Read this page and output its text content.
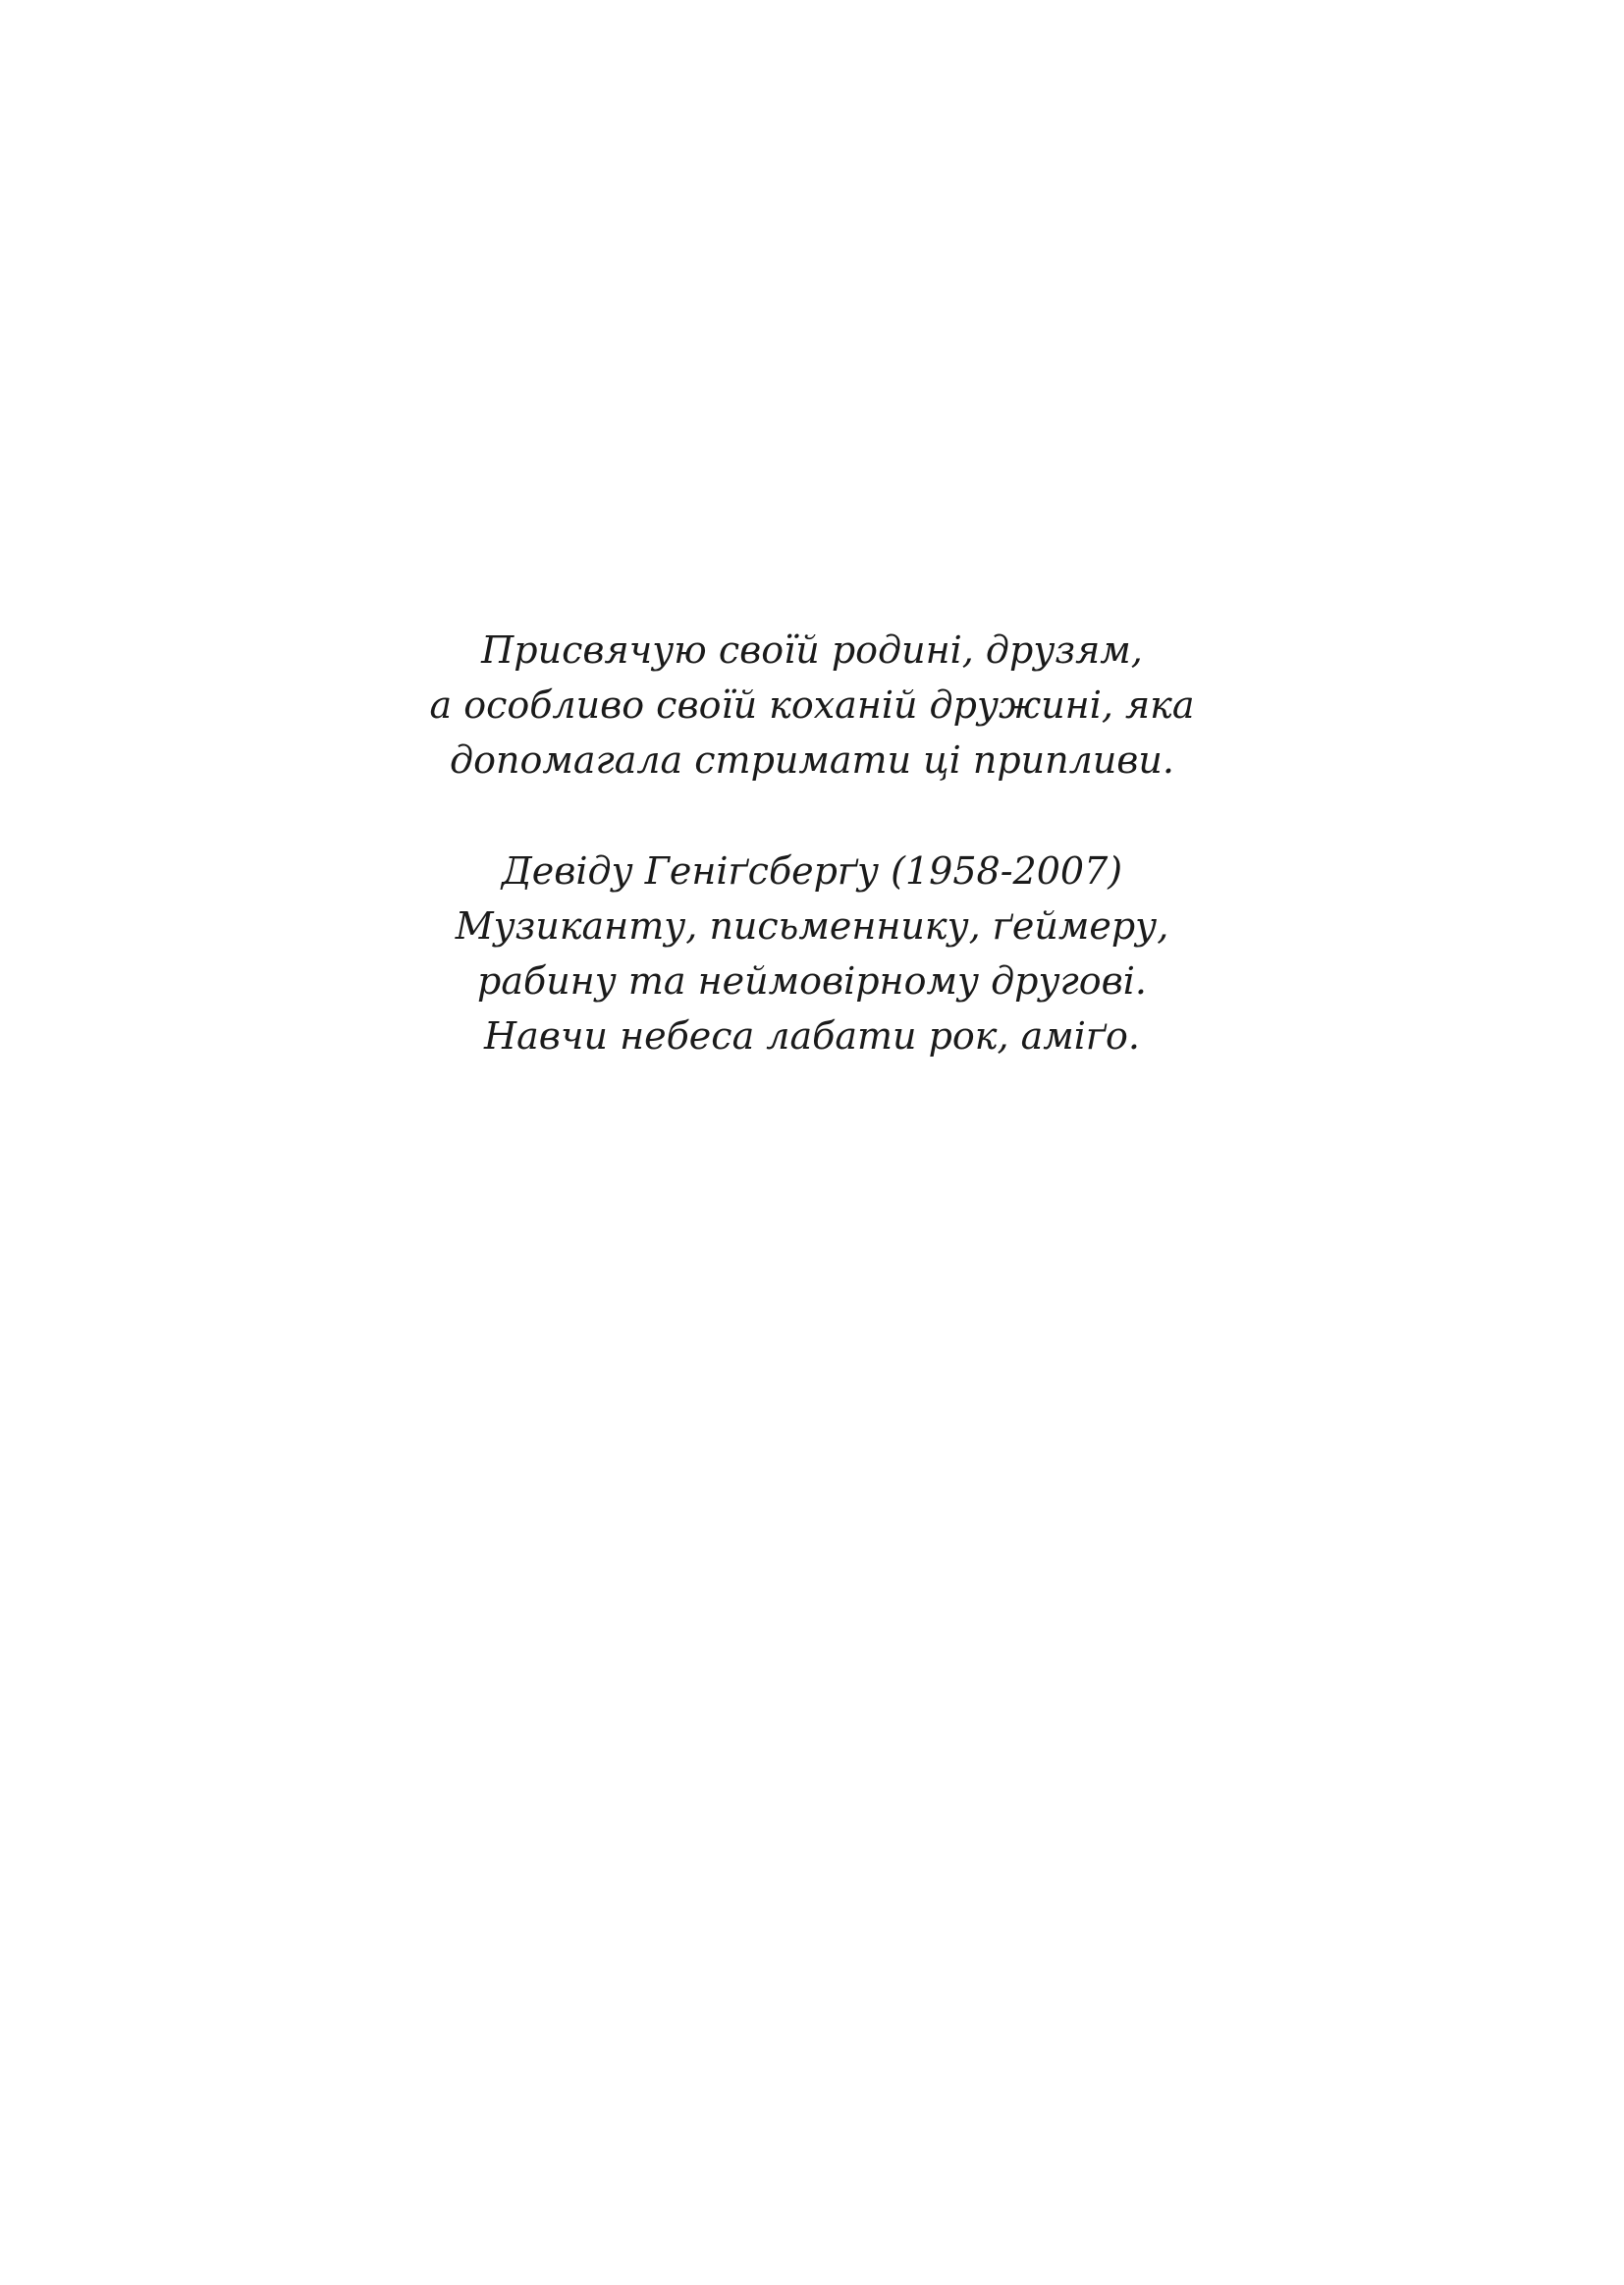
Присвячую своїй родині, друзям,
а особливо своїй коханій дружині, яка
допомагала стримати ці припливи.

Девіду Геніґсберґу (1958-2007)
Музиканту, письменнику, ґеймеру,
рабину та неймовірному другові.
Навчи небеса лабати рок, аміґо.
